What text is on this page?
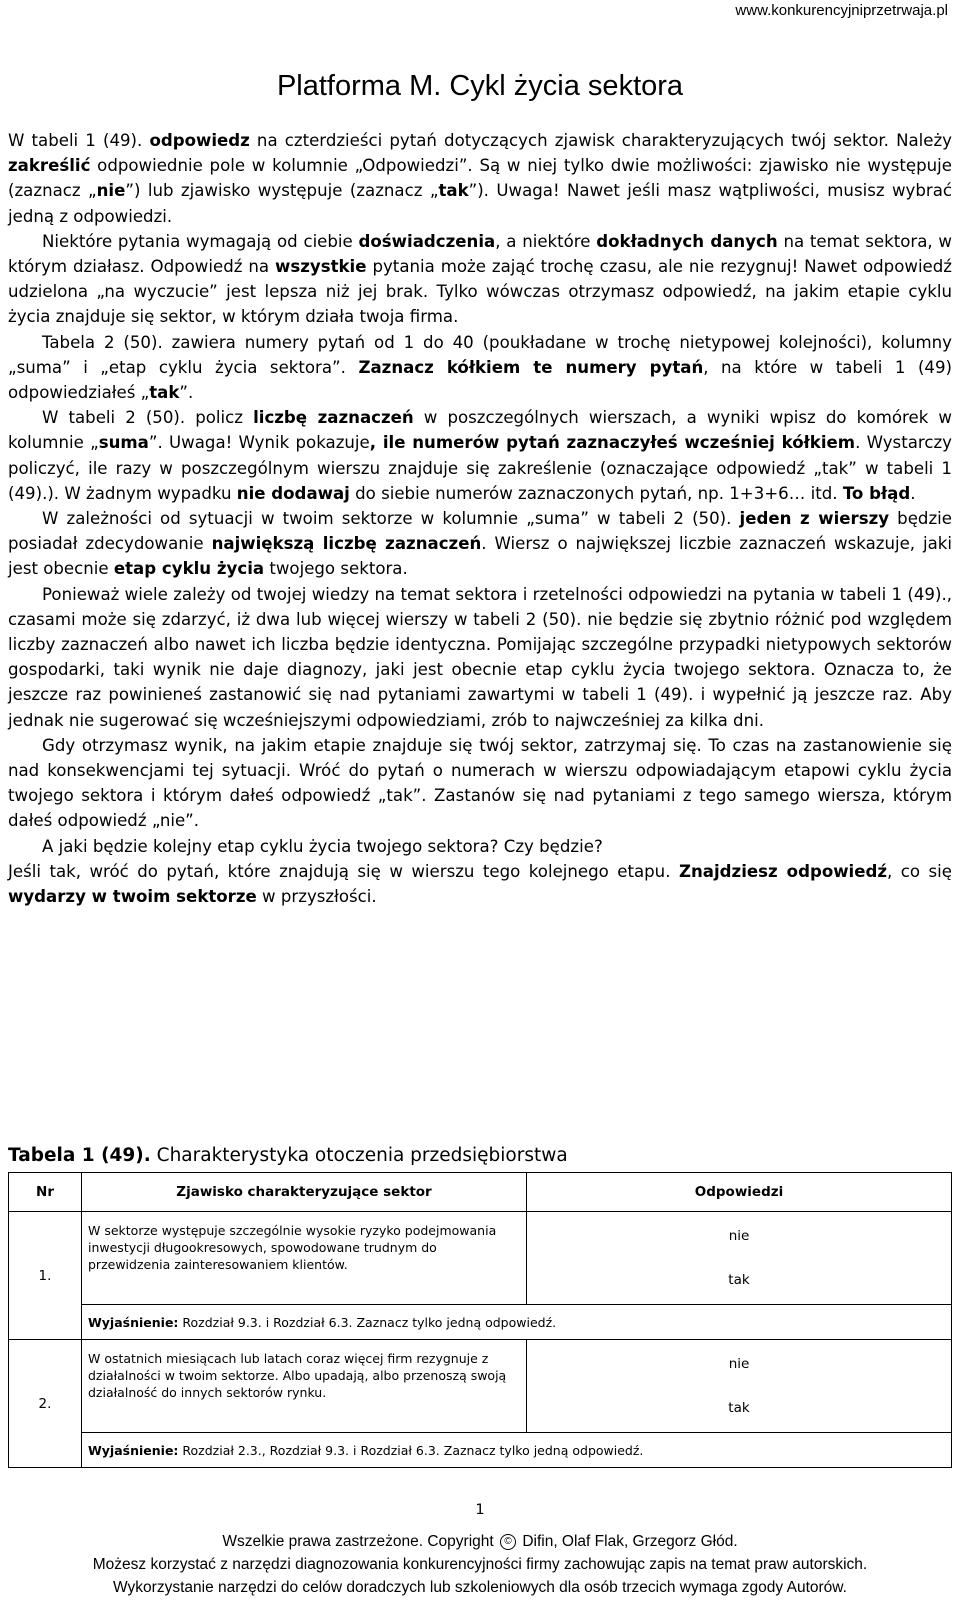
www.konkurencyjniprzetrwaja.pl
Platforma M. Cykl życia sektora

W tabeli 1 (49). odpowiedz na czterdzieści pytań dotyczących zjawisk charakteryzujących twój sektor. Należy zakreślić odpowiednie pole w kolumnie „Odpowiedzi”. Są w niej tylko dwie możliwości: zjawisko nie występuje (zaznacz „nie”) lub zjawisko występuje (zaznacz „tak”). Uwaga! Nawet jeśli masz wątpliwości, musisz wybrać jedną z odpowiedzi.

Niektóre pytania wymagają od ciebie doświadczenia, a niektóre dokładnych danych na temat sektora, w którym działasz. Odpowiedź na wszystkie pytania może zająć trochę czasu, ale nie rezygnuj! Nawet odpowiedź udzielona „na wyczucie” jest lepsza niż jej brak. Tylko wówczas otrzymasz odpowiedź, na jakim etapie cyklu życia znajduje się sektor, w którym działa twoja firma.

Tabela 2 (50). zawiera numery pytań od 1 do 40 (poukładane w trochę nietypowej kolejności), kolumny „suma” i „etap cyklu życia sektora”. Zaznacz kółkiem te numery pytań, na które w tabeli 1 (49) odpowiedziałeś „tak”.

W tabeli 2 (50). policz liczbę zaznaczeń w poszczególnych wierszach, a wyniki wpisz do komórek w kolumnie „suma”. Uwaga! Wynik pokazuje, ile numerów pytań zaznaczyłeś wcześniej kółkiem. Wystarczy policzyć, ile razy w poszczególnym wierszu znajduje się zakreślenie (oznaczające odpowiedź „tak” w tabeli 1 (49).). W żadnym wypadku nie dodawaj do siebie numerów zaznaczonych pytań, np. 1+3+6… itd. To błąd.

W zależności od sytuacji w twoim sektorze w kolumnie „suma” w tabeli 2 (50). jeden z wierszy będzie posiadał zdecydowanie największą liczbę zaznaczeń. Wiersz o największej liczbie zaznaczeń wskazuje, jaki jest obecnie etap cyklu życia twojego sektora.

Ponieważ wiele zależy od twojej wiedzy na temat sektora i rzetelności odpowiedzi na pytania w tabeli 1 (49)., czasami może się zdarzyć, iż dwa lub więcej wierszy w tabeli 2 (50). nie będzie się zbytnio różnić pod względem liczby zaznaczeń albo nawet ich liczba będzie identyczna. Pomijając szczególne przypadki nietypowych sektorów gospodarki, taki wynik nie daje diagnozy, jaki jest obecnie etap cyklu życia twojego sektora. Oznacza to, że jeszcze raz powinieneś zastanowić się nad pytaniami zawartymi w tabeli 1 (49). i wypełnić ją jeszcze raz. Aby jednak nie sugerować się wcześniejszymi odpowiedziami, zrób to najwcześniej za kilka dni.

Gdy otrzymasz wynik, na jakim etapie znajduje się twój sektor, zatrzymaj się. To czas na zastanowienie się nad konsekwencjami tej sytuacji. Wróć do pytań o numerach w wierszu odpowiadającym etapowi cyklu życia twojego sektora i którym dałeś odpowiedź „tak”. Zastanów się nad pytaniami z tego samego wiersza, którym dałeś odpowiedź „nie”.

A jaki będzie kolejny etap cyklu życia twojego sektora? Czy będzie?

Jeśli tak, wróć do pytań, które znajdują się w wierszu tego kolejnego etapu. Znajdziesz odpowiedź, co się wydarzy w twoim sektorze w przyszłości.

Tabela 1 (49). Charakterystyka otoczenia przedsiębiorstwa
Nr	Zjawisko charakteryzujące sektor	Odpowiedzi
1.	W sektorze występuje szczególnie wysokie ryzyko podejmowania inwestycji długookresowych, spowodowane trudnym do przewidzenia zainteresowaniem klientów.	nie
tak

	Wyjaśnienie: Rozdział 9.3. i Rozdział 6.3. Zaznacz tylko jedną odpowiedź.	
2.	W ostatnich miesiącach lub latach coraz więcej firm rezygnuje z działalności w twoim sektorze. Albo upadają, albo przenoszą swoją działalność do innych sektorów rynku.	nie
tak

	Wyjaśnienie: Rozdział 2.3., Rozdział 9.3. i Rozdział 6.3. Zaznacz tylko jedną odpowiedź.	
1
Wszelkie prawa zastrzeżone. Copyright © Difin, Olaf Flak, Grzegorz Głód.
Możesz korzystać z narzędzi diagnozowania konkurencyjności firmy zachowując zapis na temat praw autorskich.
Wykorzystanie narzędzi do celów doradczych lub szkoleniowych dla osób trzecich wymaga zgody Autorów.
